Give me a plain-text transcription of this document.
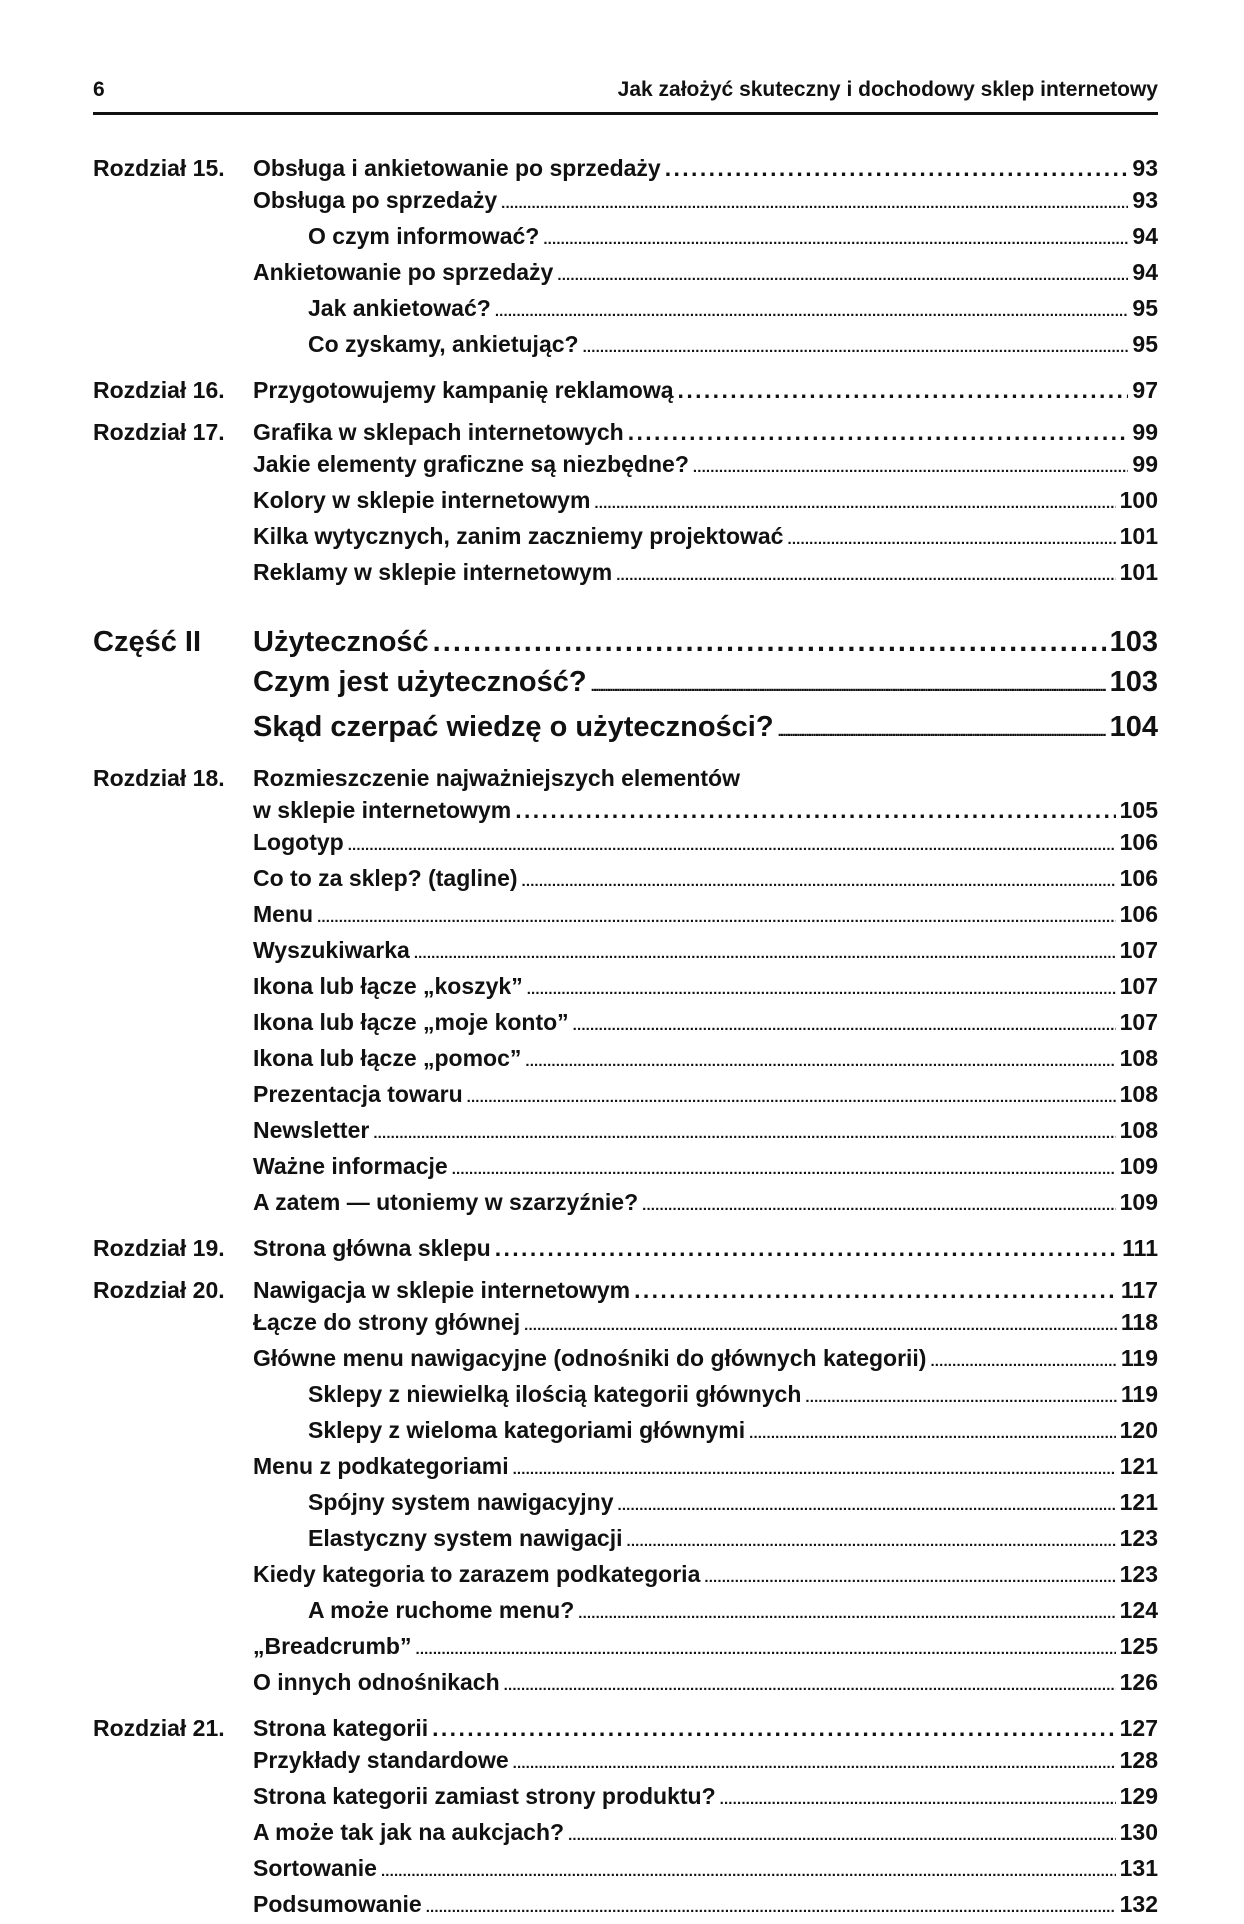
6	Jak założyć skuteczny i dochodowy sklep internetowy
Rozdział 15. Obsługa i ankietowanie po sprzedaży . . .	93
Obsługa po sprzedaży . . .	93
O czym informować? . . .	94
Ankietowanie po sprzedaży . . .	94
Jak ankietować? . . .	95
Co zyskamy, ankietując? . . .	95
Rozdział 16. Przygotowujemy kampanię reklamową . . .	97
Rozdział 17. Grafika w sklepach internetowych . . .	99
Jakie elementy graficzne są niezbędne? . . .	99
Kolory w sklepie internetowym . . .	100
Kilka wytycznych, zanim zaczniemy projektować . . .	101
Reklamy w sklepie internetowym . . .	101
Część II Użyteczność . . .	103
Czym jest użyteczność? . . .	103
Skąd czerpać wiedzę o użyteczności? . . .	104
Rozdział 18. Rozmieszczenie najważniejszych elementów
w sklepie internetowym . . .	105
Logotyp . . .	106
Co to za sklep? (tagline) . . .	106
Menu . . .	106
Wyszukiwarka . . .	107
Ikona lub łącze „koszyk” . . .	107
Ikona lub łącze „moje konto” . . .	107
Ikona lub łącze „pomoc” . . .	108
Prezentacja towaru . . .	108
Newsletter . . .	108
Ważne informacje . . .	109
A zatem — utoniemy w szarzyźnie? . . .	109
Rozdział 19. Strona główna sklepu . . .	111
Rozdział 20. Nawigacja w sklepie internetowym . . .	117
Łącze do strony głównej . . .	118
Główne menu nawigacyjne (odnośniki do głównych kategorii) . . .	119
Sklepy z niewielką ilością kategorii głównych . . .	119
Sklepy z wieloma kategoriami głównymi . . .	120
Menu z podkategoriami . . .	121
Spójny system nawigacyjny . . .	121
Elastyczny system nawigacji . . .	123
Kiedy kategoria to zarazem podkategoria . . .	123
A może ruchome menu? . . .	124
„Breadcrumb” . . .	125
O innych odnośnikach . . .	126
Rozdział 21. Strona kategorii . . .	127
Przykłady standardowe . . .	128
Strona kategorii zamiast strony produktu? . . .	129
A może tak jak na aukcjach? . . .	130
Sortowanie . . .	131
Podsumowanie . . .	132
